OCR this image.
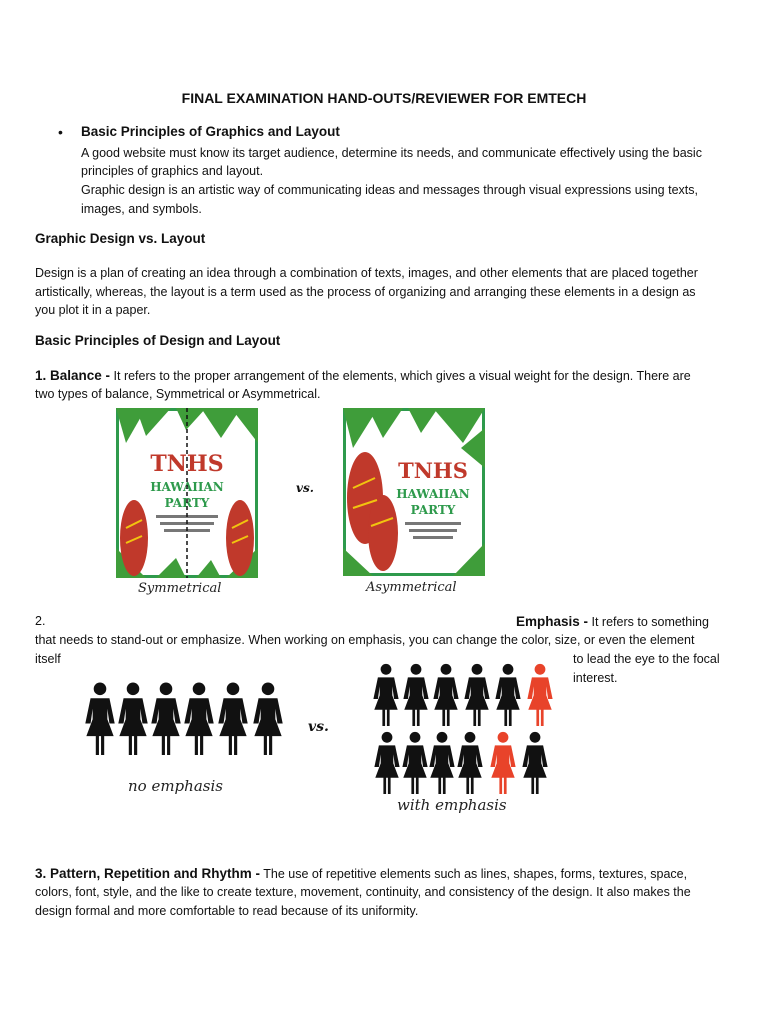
FINAL EXAMINATION HAND-OUTS/REVIEWER FOR EMTECH
• Basic Principles of Graphics and Layout
A good website must know its target audience, determine its needs, and communicate effectively using the basic
principles of graphics and layout.
Graphic design is an artistic way of communicating ideas and messages through visual expressions using texts,
images, and symbols.
Graphic Design vs. Layout
Design is a plan of creating an idea through a combination of texts, images, and other elements that are placed together
artistically, whereas, the layout is a term used as the process of organizing and arranging these elements in a design as
you plot it in a paper.
Basic Principles of Design and Layout
1. Balance - It refers to the proper arrangement of the elements, which gives a visual weight for the design. There are
two types of balance, Symmetrical or Asymmetrical.
TNHS
HAWAIIAN
PARTY
vs.
TNHS
HAWAIIAN
PARTY
Symmetrical	Asymmetrical
2.	Emphasis - It refers to something
that needs to stand-out or emphasize. When working on emphasis, you can change the color, size, or even the element
itself	to lead the eye to the focal
interest.
vs.
no emphasis
with emphasis
3. Pattern, Repetition and Rhythm - The use of repetitive elements such as lines, shapes, forms, textures, space,
colors, font, style, and the like to create texture, movement, continuity, and consistency of the design. It also makes the
design formal and more comfortable to read because of its uniformity.
